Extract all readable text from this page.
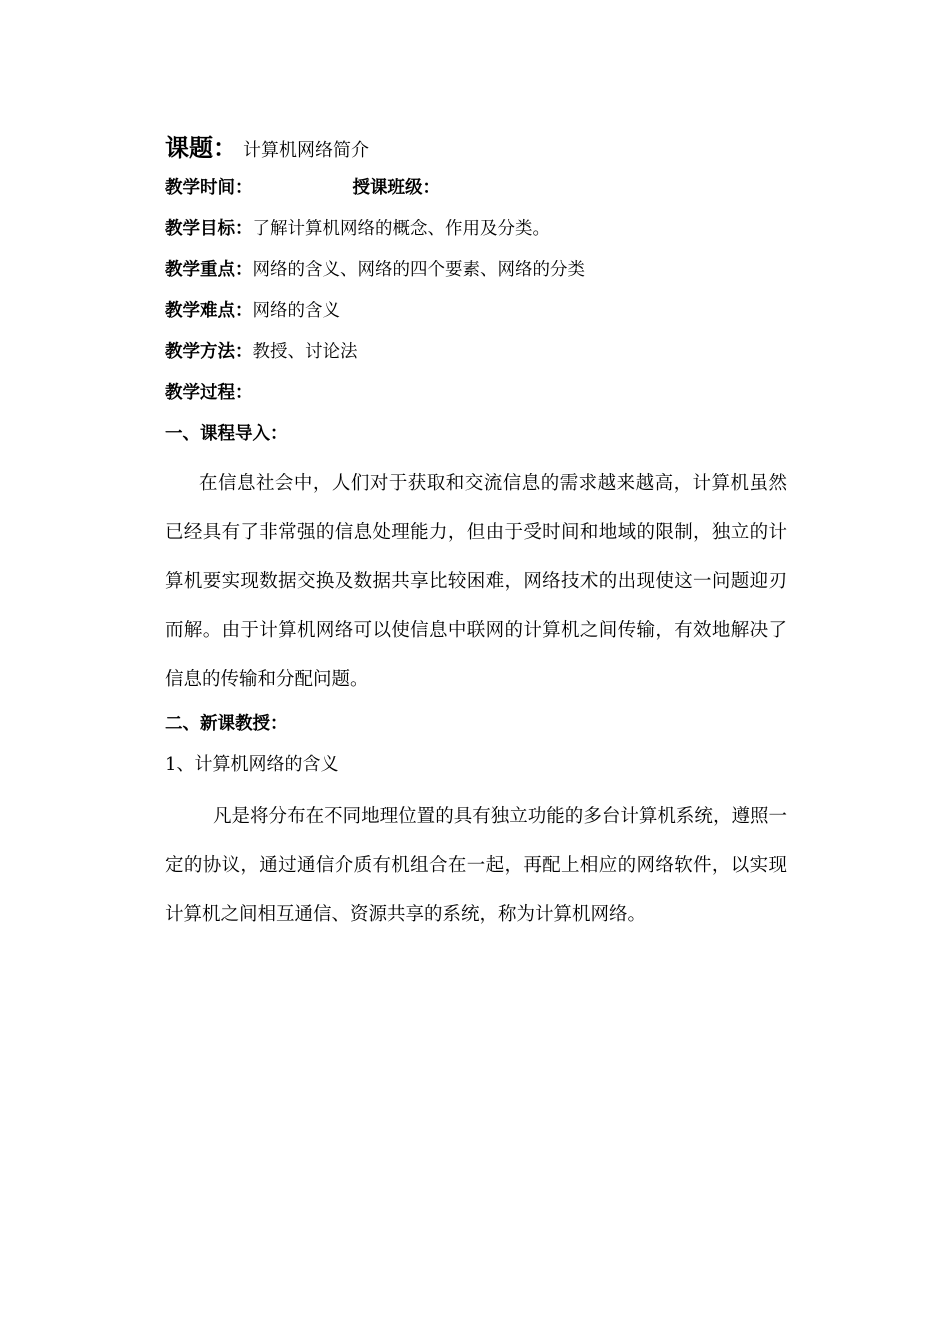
课题： 计算机网络简介
教学时间：	授课班级：
教学目标：了解计算机网络的概念、作用及分类。
教学重点：网络的含义、网络的四个要素、网络的分类
教学难点：网络的含义
教学方法：教授、讨论法
教学过程：
一、课程导入：

在信息社会中，人们对于获取和交流信息的需求越来越高，计算机虽然已经具有了非常强的信息处理能力，但由于受时间和地域的限制，独立的计算机要实现数据交换及数据共享比较困难，网络技术的出现使这一问题迎刃而解。由于计算机网络可以使信息中联网的计算机之间传输，有效地解决了信息的传输和分配问题。

二、新课教授：
1、计算机网络的含义

凡是将分布在不同地理位置的具有独立功能的多台计算机系统，遵照一定的协议，通过通信介质有机组合在一起，再配上相应的网络软件，以实现计算机之间相互通信、资源共享的系统，称为计算机网络。
